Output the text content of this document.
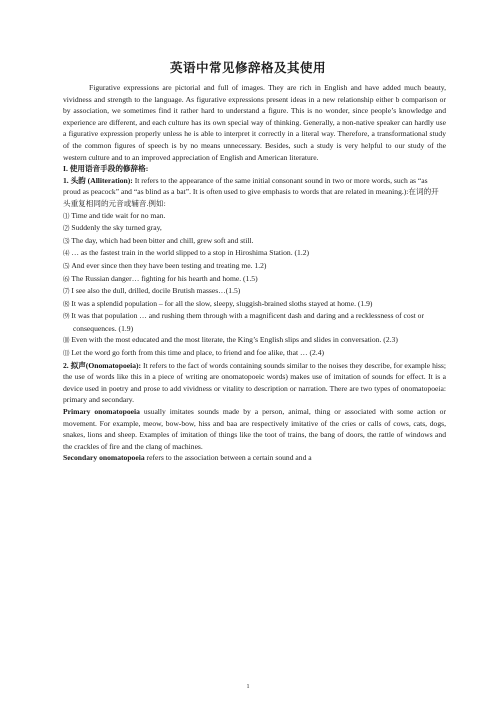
英语中常见修辞格及其使用

Figurative expressions are pictorial and full of images. They are rich in English and have added much beauty, vividness and strength to the language. As figurative expressions present ideas in a new relationship either b comparison or by association, we sometimes find it rather hard to understand a figure. This is no wonder, since people’s knowledge and experience are different, and each culture has its own special way of thinking. Generally, a non-native speaker can hardly use a figurative expression properly unless he is able to interpret it correctly in a literal way. Therefore, a transformational study of the common figures of speech is by no means unnecessary. Besides, such a study is very helpful to our study of the western culture and to an improved appreciation of English and American literature.

I. 使用语音手段的修辞格:

1. 头韵 (Alliteration): It refers to the appearance of the same initial consonant sound in two or more words, such as “as proud as peacock” and “as blind as a bat”. It is often used to give emphasis to words that are related in meaning.):在词的开头重复相同的元音或辅音.例如:

⑴ Time and tide wait for no man.

⑵ Suddenly the sky turned gray,

⑶ The day, which had been bitter and chill, grew soft and still.

⑷ … as the fastest train in the world slipped to a stop in Hiroshima Station. (1.2)

⑸ And ever since then they have been testing and treating me. 1.2)

⑹ The Russian danger… fighting for his hearth and home. (1.5)

⑺ I see also the dull, drilled, docile Brutish masses…(1.5)

⑻ It was a splendid population – for all the slow, sleepy, sluggish-brained sloths stayed at home. (1.9)

⑼ It was that population … and rushing them through with a magnificent dash and daring and a recklessness of cost or consequences. (1.9)

⑽ Even with the most educated and the most literate, the King’s English slips and slides in conversation. (2.3)

⑾ Let the word go forth from this time and place, to friend and foe alike, that … (2.4)

2. 拟声(Onomatopoeia): It refers to the fact of words containing sounds similar to the noises they describe, for example hiss; the use of words like this in a piece of writing are onomatopoeic words) makes use of imitation of sounds for effect. It is a device used in poetry and prose to add vividness or vitality to description or narration. There are two types of onomatopoeia: primary and secondary.

Primary onomatopoeia usually imitates sounds made by a person, animal, thing or associated with some action or movement. For example, meow, bow-bow, hiss and baa are respectively imitative of the cries or calls of cows, cats, dogs, snakes, lions and sheep. Examples of imitation of things like the toot of trains, the bang of doors, the rattle of windows and the crackles of fire and the clang of machines.

Secondary onomatopoeia refers to the association between a certain sound and a

1
